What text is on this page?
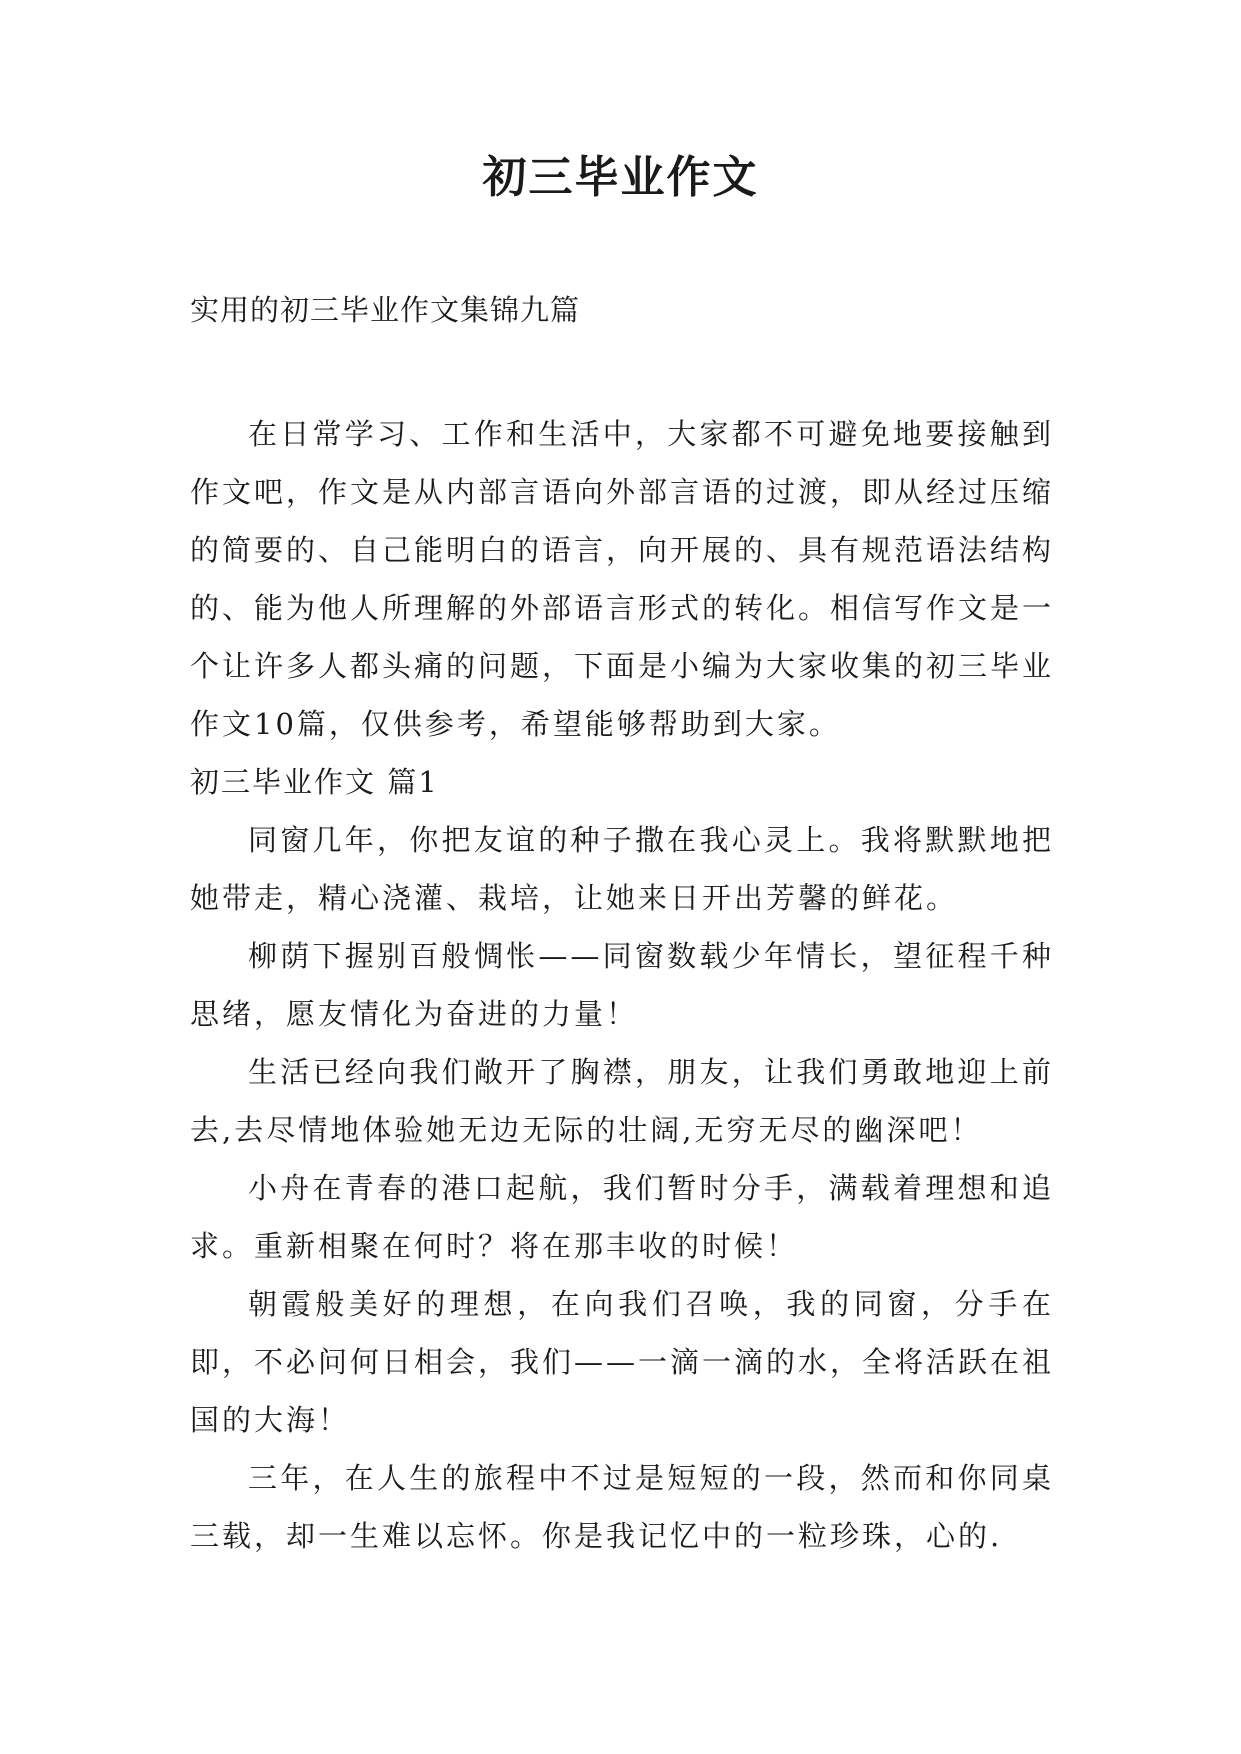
初三毕业作文
实用的初三毕业作文集锦九篇

在日常学习、工作和生活中，大家都不可避免地要接触到作文吧，作文是从内部言语向外部言语的过渡，即从经过压缩的简要的、自己能明白的语言，向开展的、具有规范语法结构的、能为他人所理解的外部语言形式的转化。相信写作文是一个让许多人都头痛的问题，下面是小编为大家收集的初三毕业作文10篇，仅供参考，希望能够帮助到大家。

初三毕业作文 篇1

同窗几年，你把友谊的种子撒在我心灵上。我将默默地把她带走，精心浇灌、栽培，让她来日开出芳馨的鲜花。

柳荫下握别百般惆怅——同窗数载少年情长，望征程千种思绪，愿友情化为奋进的力量！

生活已经向我们敞开了胸襟，朋友，让我们勇敢地迎上前去,去尽情地体验她无边无际的壮阔,无穷无尽的幽深吧！

小舟在青春的港口起航，我们暂时分手，满载着理想和追求。重新相聚在何时？将在那丰收的时候！

朝霞般美好的理想，在向我们召唤，我的同窗，分手在即，不必问何日相会，我们——一滴一滴的水，全将活跃在祖国的大海！

三年，在人生的旅程中不过是短短的一段，然而和你同桌三载，却一生难以忘怀。你是我记忆中的一粒珍珠，心的.
